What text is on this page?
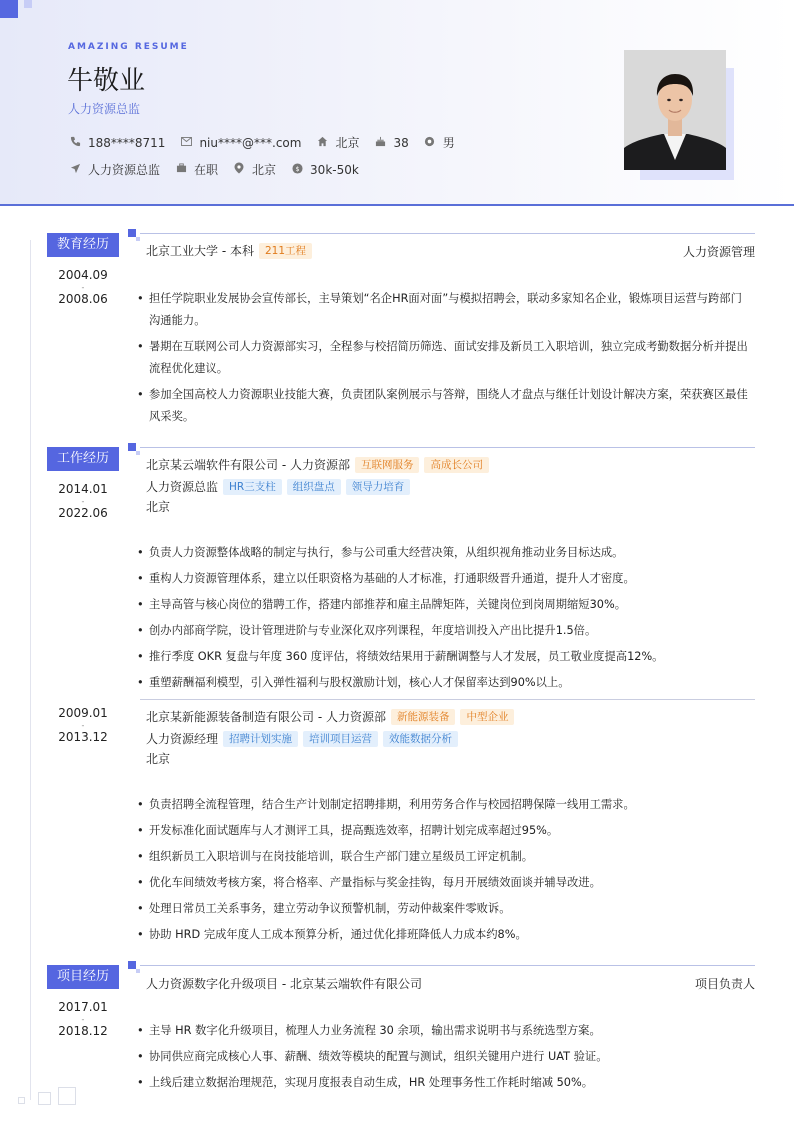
AMAZING RESUME
牛敬业
人力资源总监
188****8711	niu****@***.com	北京	38	男
人力资源总监	在职	北京	$ 30k-50k
教育经历
2004.09
-
2008.06
北京工业大学 - 本科	211工程	人力资源管理
• 担任学院职业发展协会宣传部长，主导策划“名企HR面对面”与模拟招聘会，联动多家知名企业，锻炼项目运营与跨部门沟通能力。
• 暑期在互联网公司人力资源部实习，全程参与校招简历筛选、面试安排及新员工入职培训，独立完成考勤数据分析并提出流程优化建议。
• 参加全国高校人力资源职业技能大赛，负责团队案例展示与答辩，围绕人才盘点与继任计划设计解决方案，荣获赛区最佳风采奖。
工作经历
2014.01
-
2022.06
北京某云端软件有限公司 - 人力资源部	互联网服务	高成长公司
人力资源总监	HR三支柱	组织盘点	领导力培育
北京
• 负责人力资源整体战略的制定与执行，参与公司重大经营决策，从组织视角推动业务目标达成。
• 重构人力资源管理体系，建立以任职资格为基础的人才标准，打通职级晋升通道，提升人才密度。
• 主导高管与核心岗位的猎聘工作，搭建内部推荐和雇主品牌矩阵，关键岗位到岗周期缩短30%。
• 创办内部商学院，设计管理进阶与专业深化双序列课程，年度培训投入产出比提升1.5倍。
• 推行季度 OKR 复盘与年度 360 度评估，将绩效结果用于薪酬调整与人才发展，员工敬业度提高12%。
• 重塑薪酬福利模型，引入弹性福利与股权激励计划，核心人才保留率达到90%以上。
2009.01
-
2013.12
北京某新能源装备制造有限公司 - 人力资源部	新能源装备	中型企业
人力资源经理	招聘计划实施	培训项目运营	效能数据分析
北京
• 负责招聘全流程管理，结合生产计划制定招聘排期，利用劳务合作与校园招聘保障一线用工需求。
• 开发标准化面试题库与人才测评工具，提高甄选效率，招聘计划完成率超过95%。
• 组织新员工入职培训与在岗技能培训，联合生产部门建立星级员工评定机制。
• 优化车间绩效考核方案，将合格率、产量指标与奖金挂钩，每月开展绩效面谈并辅导改进。
• 处理日常员工关系事务，建立劳动争议预警机制，劳动仲裁案件零败诉。
• 协助 HRD 完成年度人工成本预算分析，通过优化排班降低人力成本约8%。
项目经历
2017.01
-
2018.12
人力资源数字化升级项目 - 北京某云端软件有限公司	项目负责人
• 主导 HR 数字化升级项目，梳理人力业务流程 30 余项，输出需求说明书与系统选型方案。
• 协同供应商完成核心人事、薪酬、绩效等模块的配置与测试，组织关键用户进行 UAT 验证。
• 上线后建立数据治理规范，实现月度报表自动生成，HR 处理事务性工作耗时缩减 50%。
